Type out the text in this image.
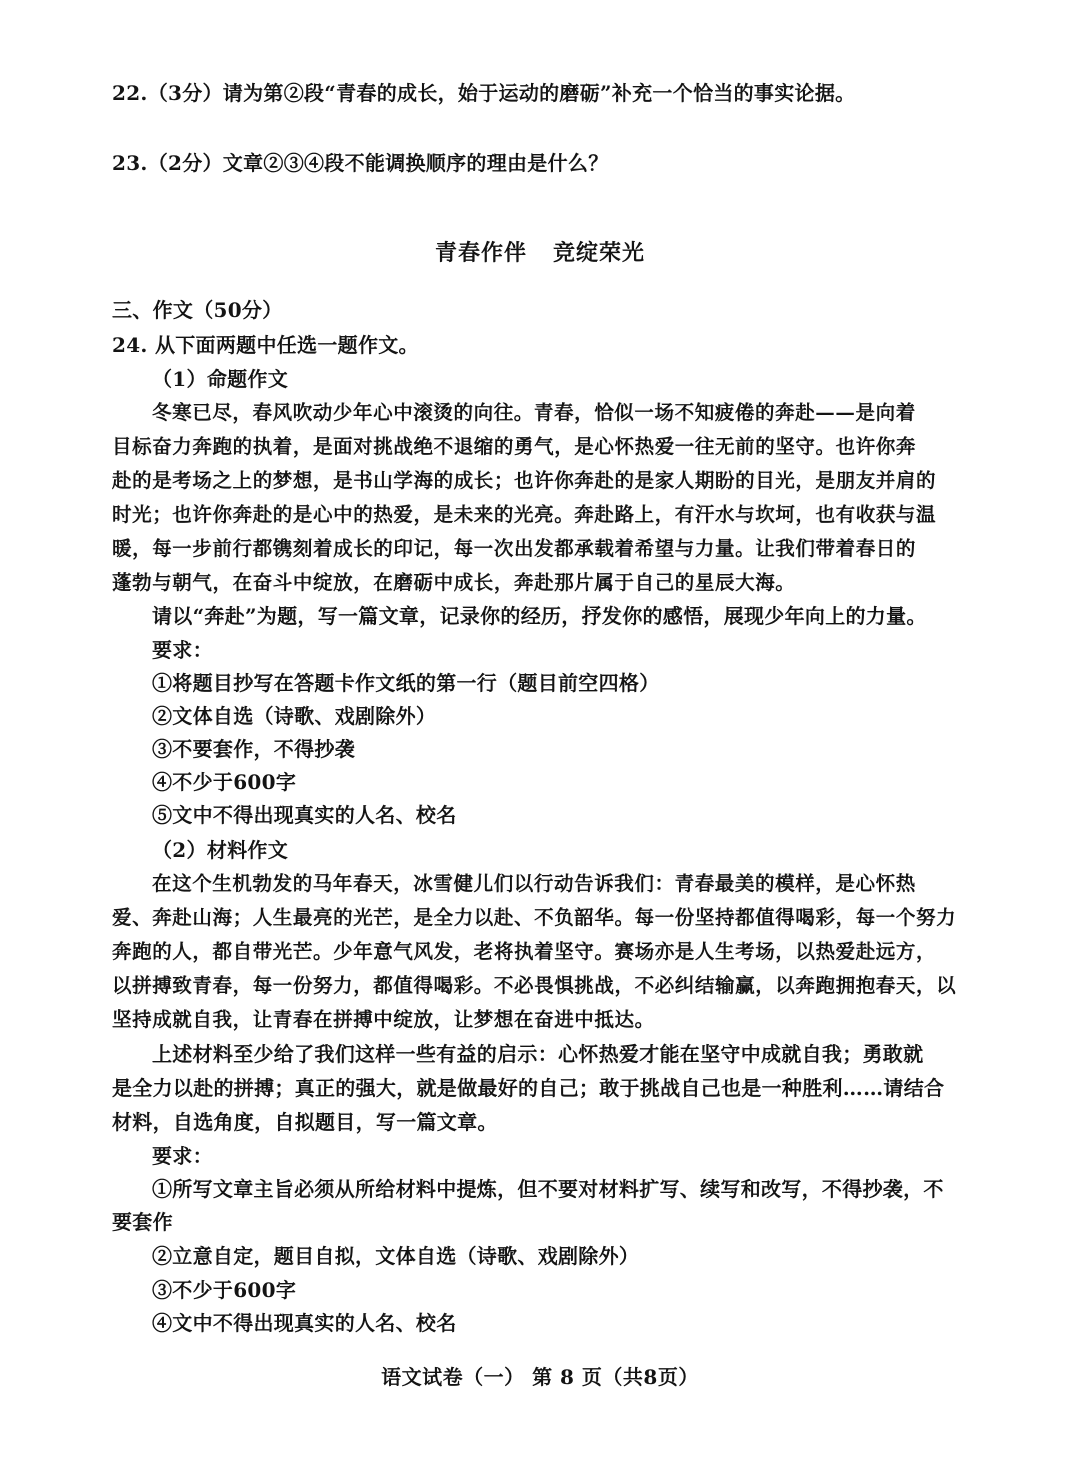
22.（3分）请为第②段“青春的成长，始于运动的磨砺”补充一个恰当的事实论据。
23.（2分）文章②③④段不能调换顺序的理由是什么？
青春作伴 竞绽荣光
三、作文（50分）
24. 从下面两题中任选一题作文。
（1）命题作文
冬寒已尽，春风吹动少年心中滚烫的向往。青春，恰似一场不知疲倦的奔赴——是向着
目标奋力奔跑的执着，是面对挑战绝不退缩的勇气，是心怀热爱一往无前的坚守。也许你奔
赴的是考场之上的梦想，是书山学海的成长；也许你奔赴的是家人期盼的目光，是朋友并肩的
时光；也许你奔赴的是心中的热爱，是未来的光亮。奔赴路上，有汗水与坎坷，也有收获与温
暖，每一步前行都镌刻着成长的印记，每一次出发都承载着希望与力量。让我们带着春日的
蓬勃与朝气，在奋斗中绽放，在磨砺中成长，奔赴那片属于自己的星辰大海。
请以“奔赴”为题，写一篇文章，记录你的经历，抒发你的感悟，展现少年向上的力量。
要求：
①将题目抄写在答题卡作文纸的第一行（题目前空四格）
②文体自选（诗歌、戏剧除外）
③不要套作，不得抄袭
④不少于600字
⑤文中不得出现真实的人名、校名
（2）材料作文
在这个生机勃发的马年春天，冰雪健儿们以行动告诉我们：青春最美的模样，是心怀热
爱、奔赴山海；人生最亮的光芒，是全力以赴、不负韶华。每一份坚持都值得喝彩，每一个努力
奔跑的人，都自带光芒。少年意气风发，老将执着坚守。赛场亦是人生考场，以热爱赴远方，
以拼搏致青春，每一份努力，都值得喝彩。不必畏惧挑战，不必纠结输赢，以奔跑拥抱春天，以
坚持成就自我，让青春在拼搏中绽放，让梦想在奋进中抵达。
上述材料至少给了我们这样一些有益的启示：心怀热爱才能在坚守中成就自我；勇敢就
是全力以赴的拼搏；真正的强大，就是做最好的自己；敢于挑战自己也是一种胜利……请结合
材料，自选角度，自拟题目，写一篇文章。
要求：
①所写文章主旨必须从所给材料中提炼，但不要对材料扩写、续写和改写，不得抄袭，不
要套作
②立意自定，题目自拟，文体自选（诗歌、戏剧除外）
③不少于600字
④文中不得出现真实的人名、校名
语文试卷（一） 第 8 页（共8页）
